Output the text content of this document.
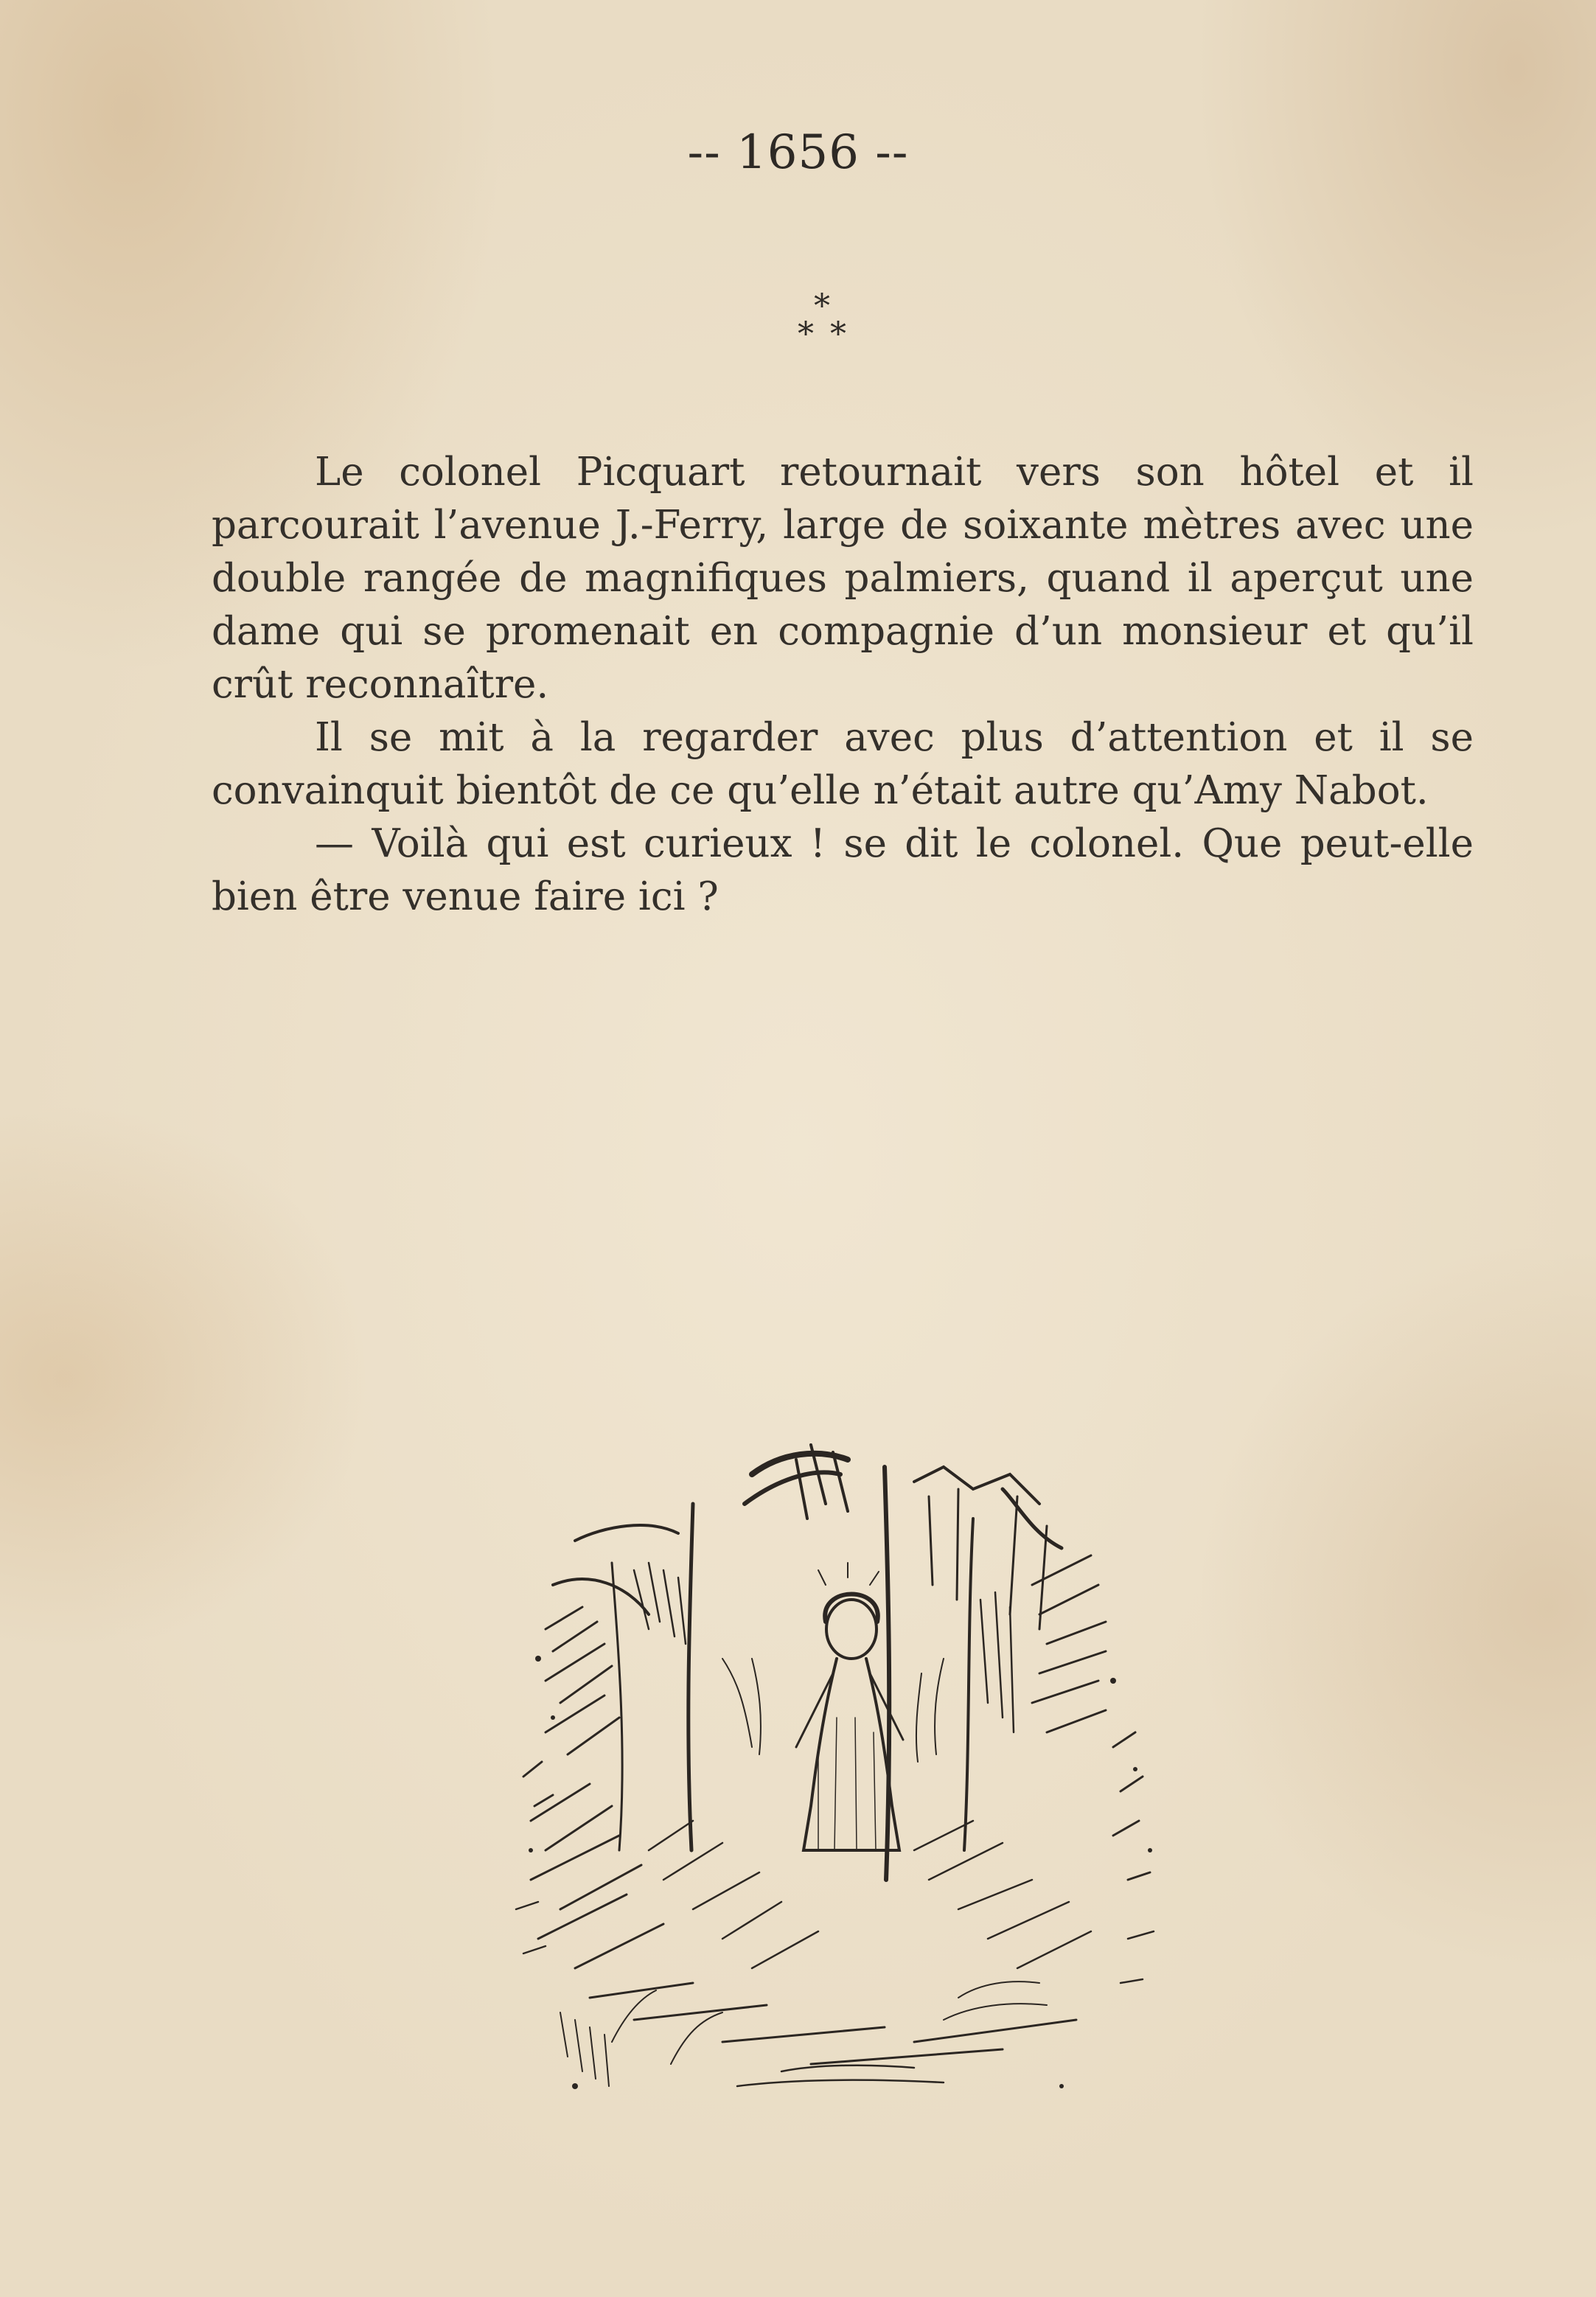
-- 1656 --
*
* *

Le colonel Picquart retournait vers son hôtel et il parcourait l’avenue J.-Ferry, large de soixante mètres avec une double rangée de magnifiques palmiers, quand il aperçut une dame qui se promenait en compagnie d’un monsieur et qu’il crût reconnaître.

Il se mit à la regarder avec plus d’attention et il se convainquit bientôt de ce qu’elle n’était autre qu’Amy Nabot.

— Voilà qui est curieux ! se dit le colonel. Que peut-elle bien être venue faire ici ?
